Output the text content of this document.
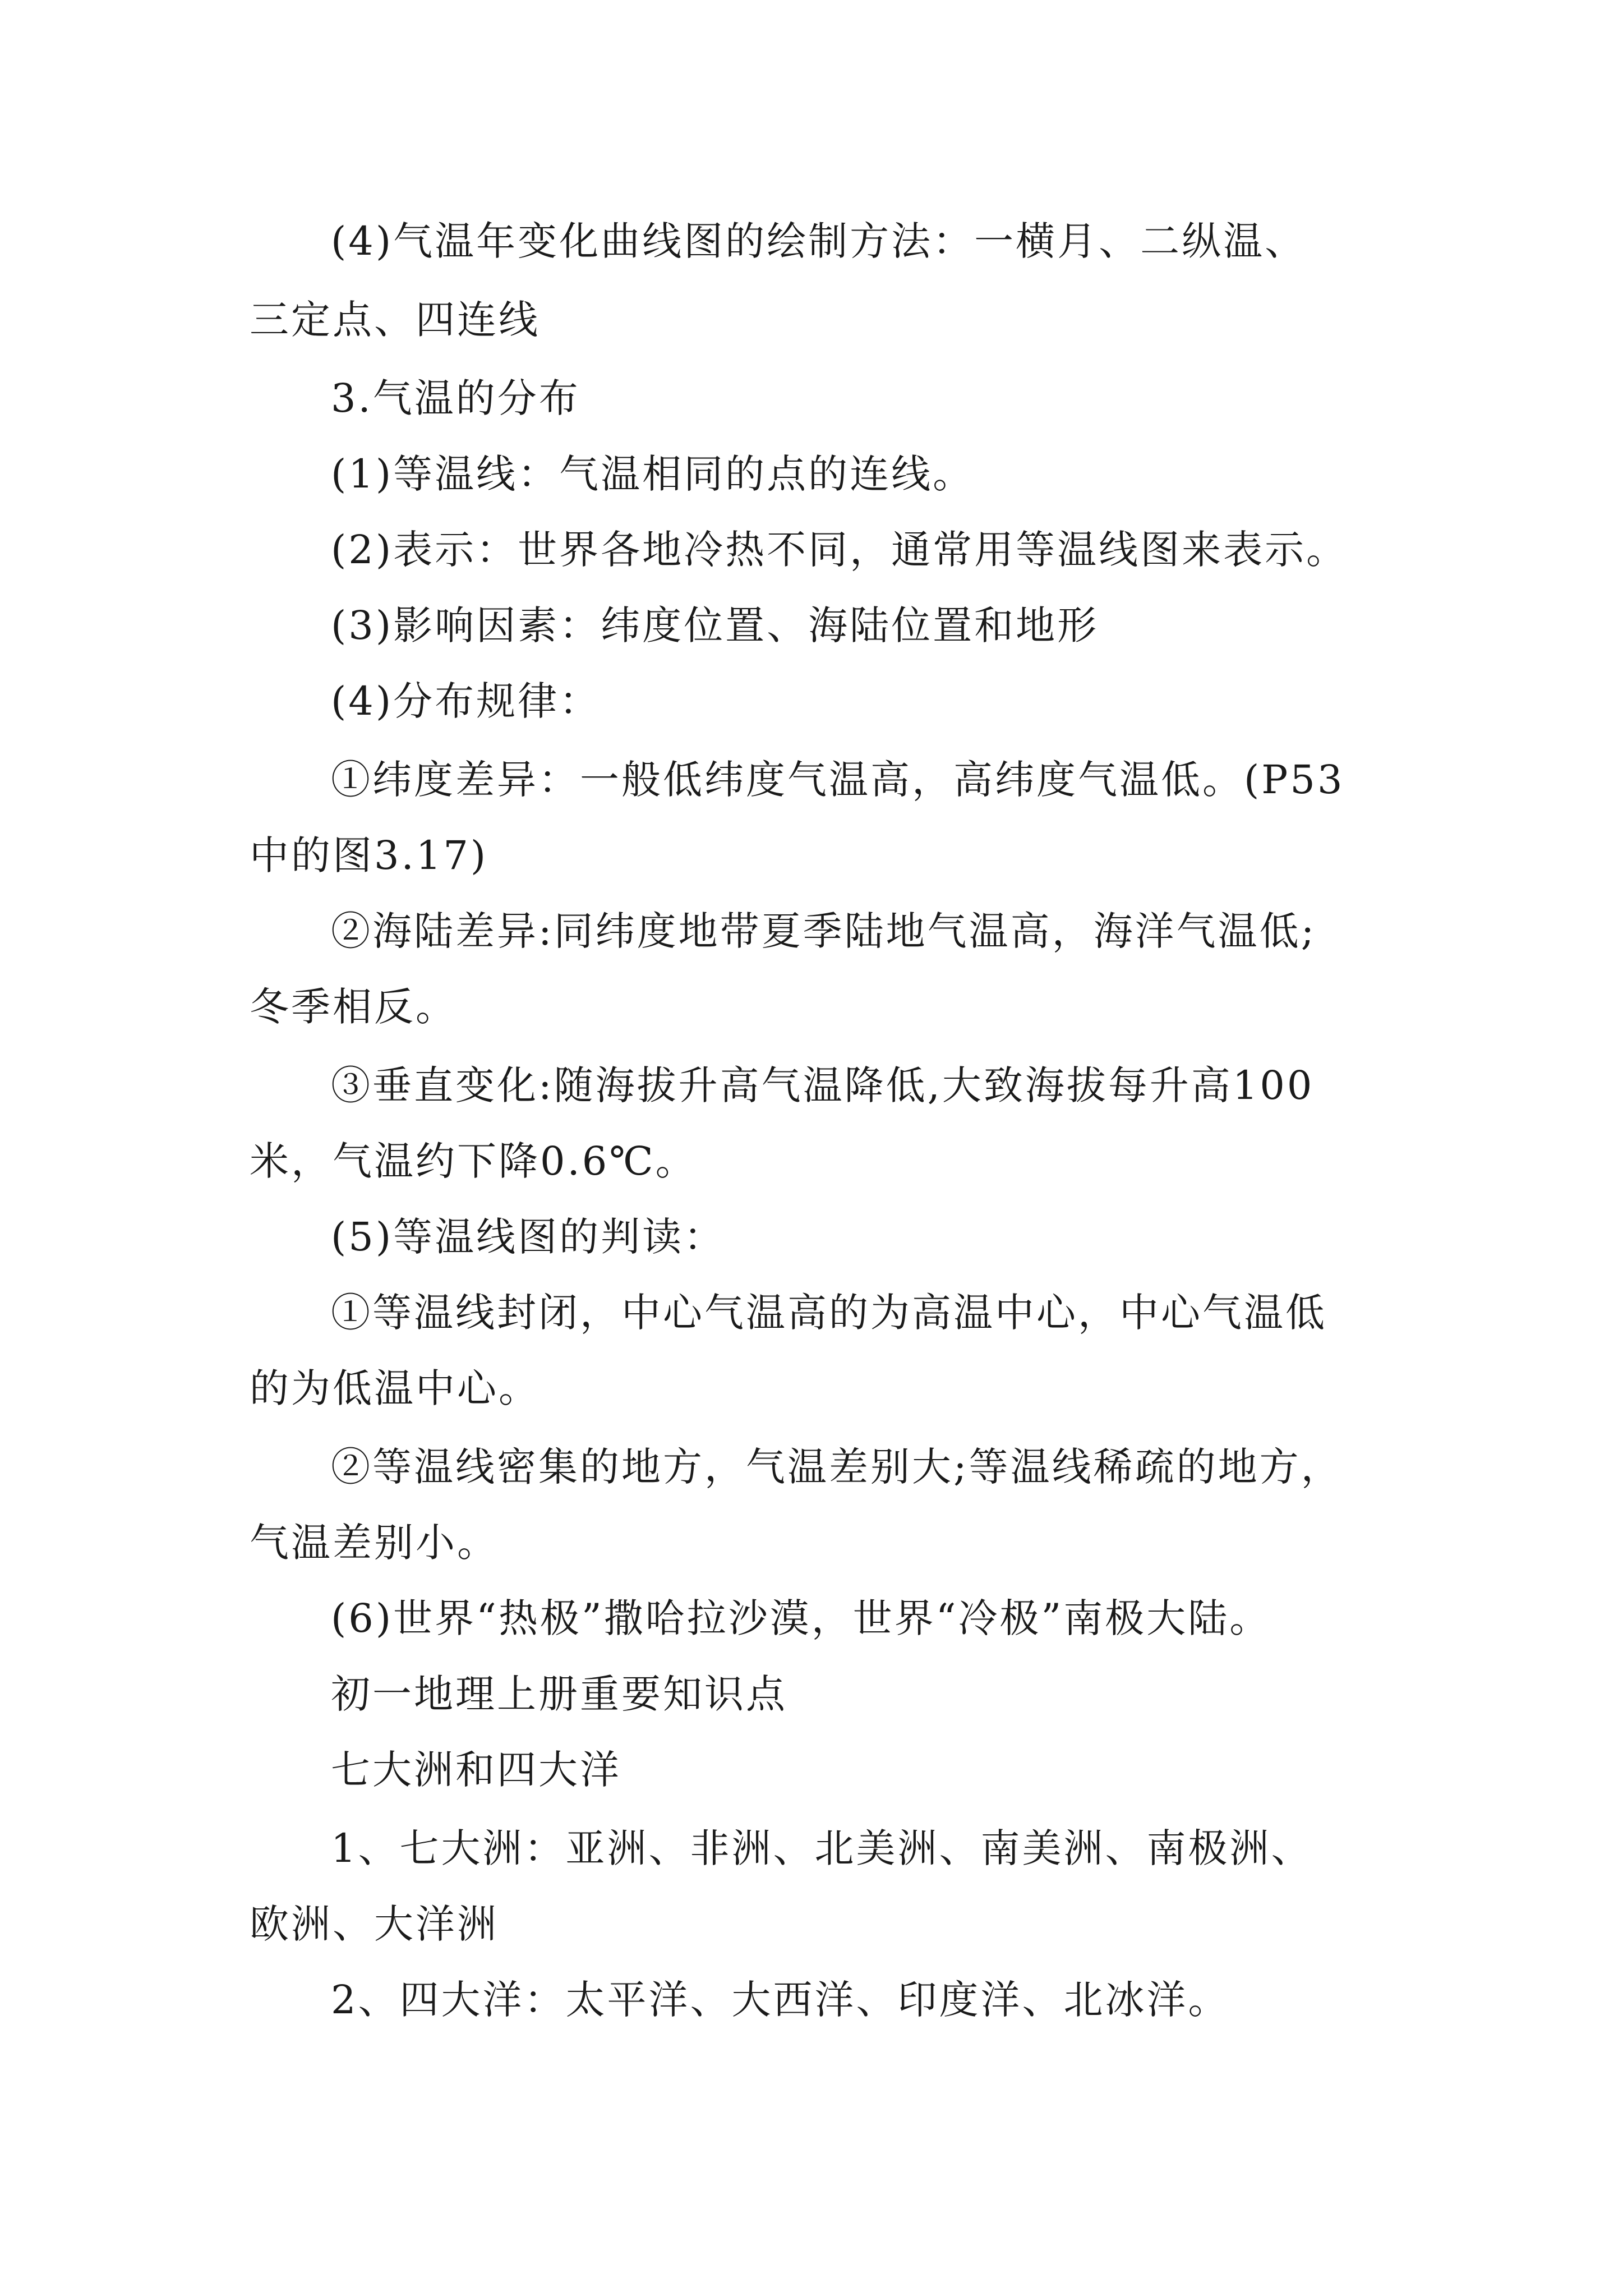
(4)气温年变化曲线图的绘制方法：一横月、二纵温、
三定点、四连线
3.气温的分布
(1)等温线：气温相同的点的连线。
(2)表示：世界各地冷热不同，通常用等温线图来表示。
(3)影响因素：纬度位置、海陆位置和地形
(4)分布规律：
①纬度差异：一般低纬度气温高，高纬度气温低。(P53
中的图3.17)
②海陆差异:同纬度地带夏季陆地气温高，海洋气温低;
冬季相反。
③垂直变化:随海拔升高气温降低,大致海拔每升高100
米，气温约下降0.6℃。
(5)等温线图的判读：
①等温线封闭，中心气温高的为高温中心，中心气温低
的为低温中心。
②等温线密集的地方，气温差别大;等温线稀疏的地方，
气温差别小。
(6)世界“热极”撒哈拉沙漠，世界“冷极”南极大陆。
初一地理上册重要知识点
七大洲和四大洋
1、七大洲：亚洲、非洲、北美洲、南美洲、南极洲、
欧洲、大洋洲
2、四大洋：太平洋、大西洋、印度洋、北冰洋。
